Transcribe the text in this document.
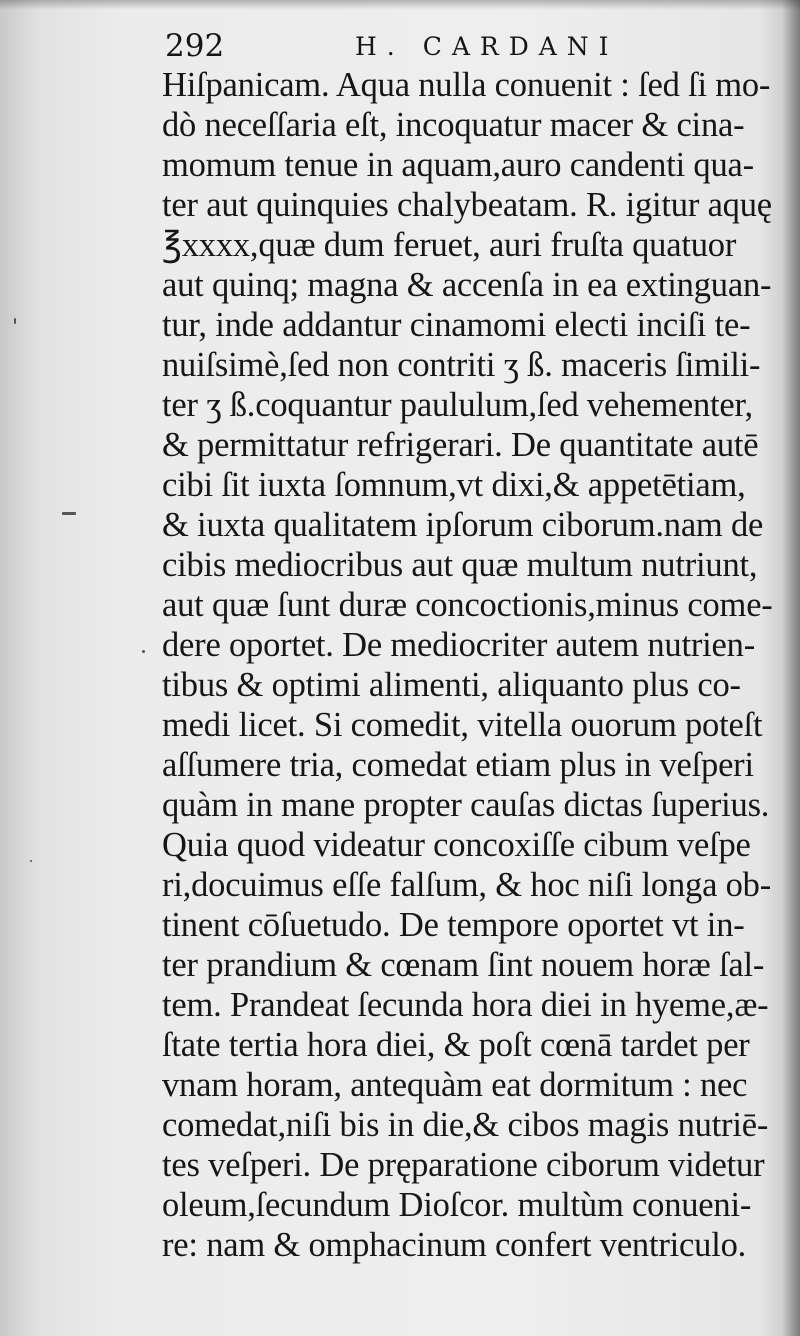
292	H. CARDANI
Hiſpanicam. Aqua nulla conuenit : ſed ſi mo-
dò neceſſaria eſt, incoquatur macer & cina-
momum tenue in aquam,auro candenti qua-
ter aut quinquies chalybeatam. R. igitur aquę
℥xxxx,quæ dum feruet, auri fruſta quatuor
aut quinq; magna & accenſa in ea extinguan-
tur, inde addantur cinamomi electi inciſi te-
nuiſsimè,ſed non contriti ʒ ß. maceris ſimili-
ter ʒ ß.coquantur paululum,ſed vehementer,
& permittatur refrigerari. De quantitate autē
cibi ſit iuxta ſomnum,vt dixi,& appetētiam,
& iuxta qualitatem ipſorum ciborum.nam de
cibis mediocribus aut quæ multum nutriunt,
aut quæ ſunt duræ concoctionis,minus come-
dere oportet. De mediocriter autem nutrien-
tibus & optimi alimenti, aliquanto plus co-
medi licet. Si comedit, vitella ouorum poteſt
aſſumere tria, comedat etiam plus in veſperi
quàm in mane propter cauſas dictas ſuperius.
Quia quod videatur concoxiſſe cibum veſpe
ri,docuimus eſſe falſum, & hoc niſi longa ob-
tinent cōſuetudo. De tempore oportet vt in-
ter prandium & cœnam ſint nouem horæ ſal-
tem. Prandeat ſecunda hora diei in hyeme,æ-
ſtate tertia hora diei, & poſt cœnā tardet per
vnam horam, antequàm eat dormitum : nec
comedat,niſi bis in die,& cibos magis nutriē-
tes veſperi. De pręparatione ciborum videtur
oleum,ſecundum Dioſcor. multùm conueni-
re: nam & omphacinum confert ventriculo.
